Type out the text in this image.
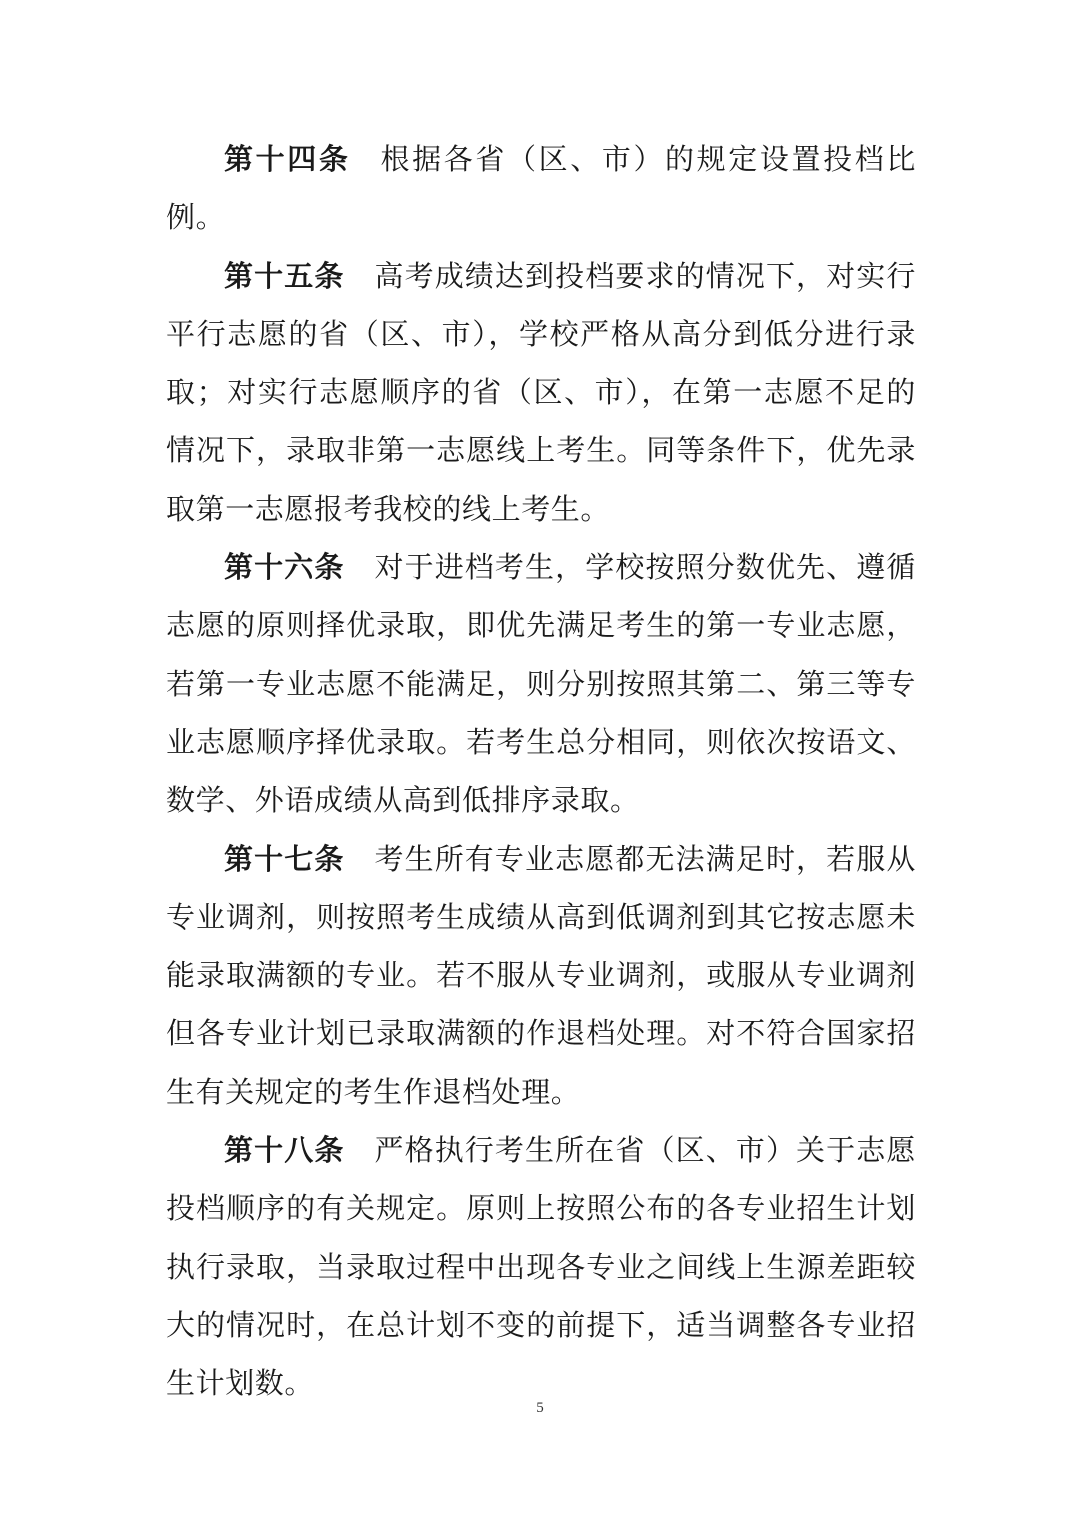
第十四条 根据各省（区、市）的规定设置投档比例。

第十五条 高考成绩达到投档要求的情况下，对实行平行志愿的省（区、市），学校严格从高分到低分进行录取；对实行志愿顺序的省（区、市），在第一志愿不足的情况下，录取非第一志愿线上考生。同等条件下，优先录取第一志愿报考我校的线上考生。

第十六条 对于进档考生，学校按照分数优先、遵循志愿的原则择优录取，即优先满足考生的第一专业志愿，若第一专业志愿不能满足，则分别按照其第二、第三等专业志愿顺序择优录取。若考生总分相同，则依次按语文、数学、外语成绩从高到低排序录取。

第十七条 考生所有专业志愿都无法满足时，若服从专业调剂，则按照考生成绩从高到低调剂到其它按志愿未能录取满额的专业。若不服从专业调剂，或服从专业调剂但各专业计划已录取满额的作退档处理。对不符合国家招生有关规定的考生作退档处理。

第十八条 严格执行考生所在省（区、市）关于志愿投档顺序的有关规定。原则上按照公布的各专业招生计划执行录取，当录取过程中出现各专业之间线上生源差距较大的情况时，在总计划不变的前提下，适当调整各专业招生计划数。

5
